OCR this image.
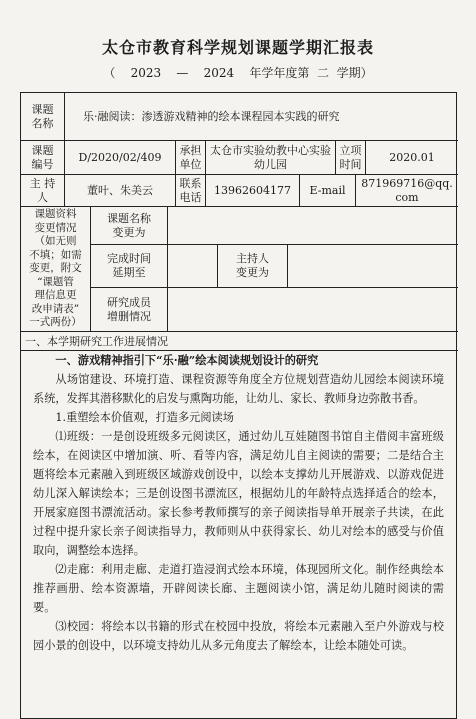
太仓市教育科学规划课题学期汇报表
（    2023    —    2024    年学年度第  二  学期）
课题
名称
乐·融阅读：渗透游戏精神的绘本课程园本实践的研究
课题
编号
D/2020/02/409
承担
单位
太仓市实验幼教中心实验
幼儿园
立项
时间
2020.01
主 持
人
董叶、朱美云
联系
电话
13962604177	E-mail
871969716@qq.
com
课题资料
变更情况
（如无则
不填；如需
变更，附文
“课题管
理信息更
改申请表”
一式两份）
课题名称
变更为
完成时间
延期至
主持人
变更为
研究成员
增删情况
一、本学期研究工作进展情况

一、游戏精神指引下“乐·融”绘本阅读规划设计的研究

从场馆建设、环境打造、课程资源等角度全方位规划营造幼儿园绘本阅读环境系统，发挥其潜移默化的启发与熏陶功能，让幼儿、家长、教师身边弥散书香。

1.重塑绘本价值观，打造多元阅读场

⑴班级：一是创设班级多元阅读区，通过幼儿互娃随图书馆自主借阅丰富班级绘本，在阅读区中增加演、听、看等内容，满足幼儿自主阅读的需要；二是结合主题将绘本元素融入到班级区域游戏创设中，以绘本支撑幼儿开展游戏、以游戏促进幼儿深入解读绘本；三是创设图书漂流区，根据幼儿的年龄特点选择适合的绘本，开展家庭图书漂流活动。家长参考教师撰写的亲子阅读指导单开展亲子共读，在此过程中提升家长亲子阅读指导力，教师则从中获得家长、幼儿对绘本的感受与价值取向，调整绘本选择。

⑵走廊：利用走廊、走道打造浸润式绘本环境，体现园所文化。制作经典绘本推荐画册、绘本资源墙，开辟阅读长廊、主题阅读小馆，满足幼儿随时阅读的需要。

⑶校园：将绘本以书籍的形式在校园中投放，将绘本元素融入至户外游戏与校园小景的创设中，以环境支持幼儿从多元角度去了解绘本，让绘本随处可读。
